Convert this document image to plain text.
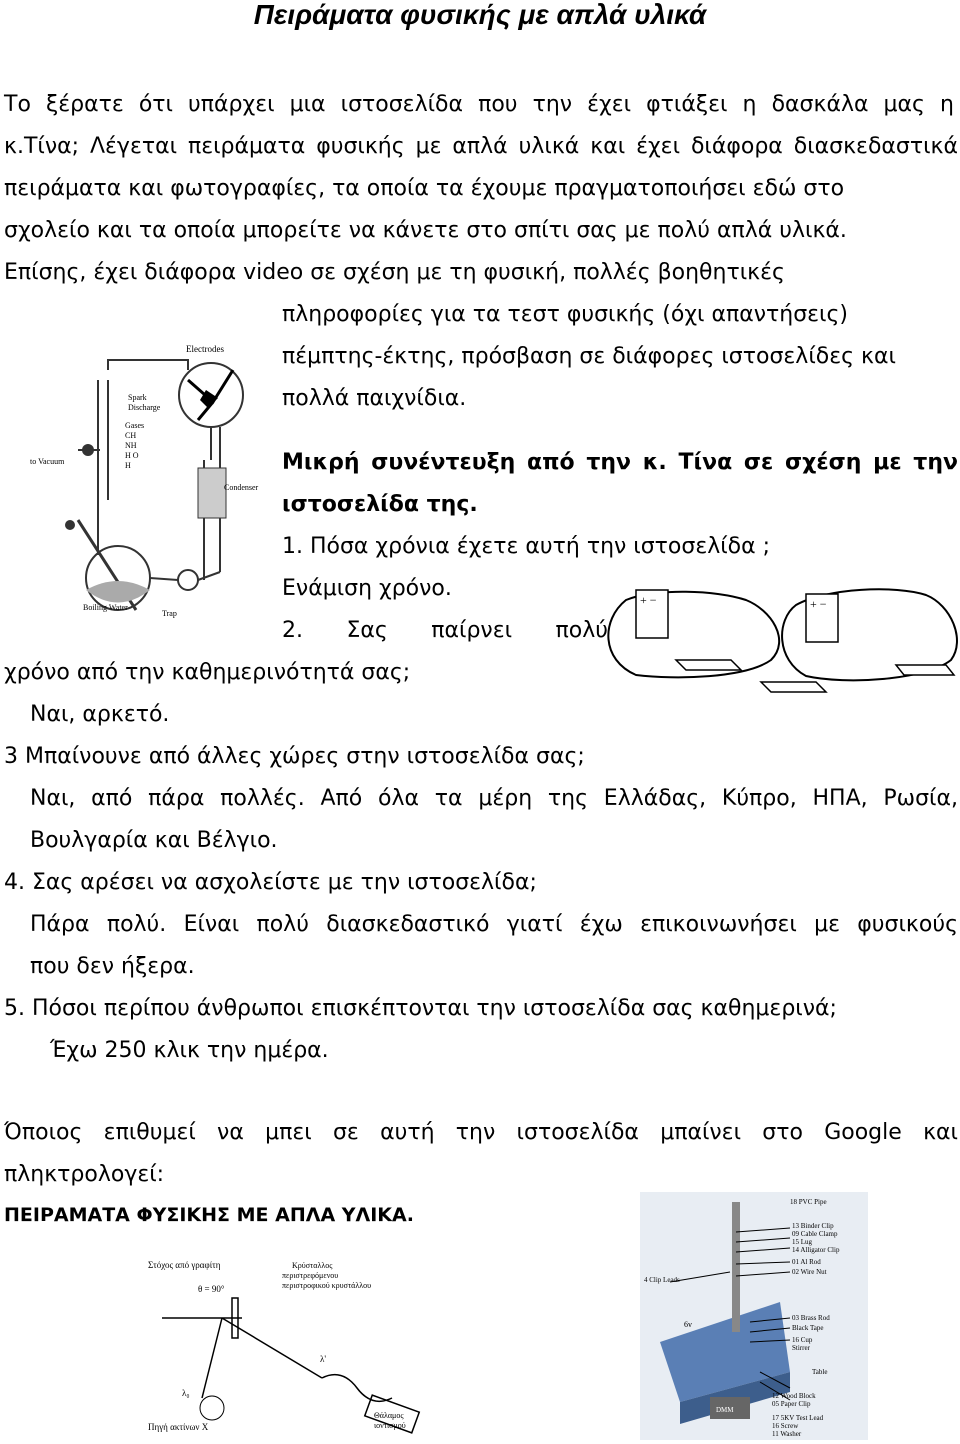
Πειράματα φυσικής με απλά υλικά
Το ξέρατε ότι υπάρχει μια ιστοσελίδα που την έχει φτιάξει η δασκάλα μας η
κ.Τίνα; Λέγεται πειράματα φυσικής με απλά υλικά και έχει διάφορα διασκεδαστικά
πειράματα και φωτογραφίες, τα οποία τα έχουμε πραγματοποιήσει εδώ στο
σχολείο και τα οποία μπορείτε να κάνετε στο σπίτι σας με πολύ απλά υλικά.
Επίσης, έχει διάφορα video σε σχέση με τη φυσική, πολλές βοηθητικές
πληροφορίες για τα τεστ φυσικής (όχι απαντήσεις)
πέμπτης-έκτης, πρόσβαση σε διάφορες ιστοσελίδες και
πολλά παιχνίδια.
Μικρή συνέντευξη από την κ. Τίνα σε σχέση με την
ιστοσελίδα της.
1. Πόσα χρόνια έχετε αυτή την ιστοσελίδα ;
Ενάμιση χρόνο.
2. Σας παίρνει πολύ
χρόνο από την καθημερινότητά σας;
Ναι, αρκετό.
3 Μπαίνουνε από άλλες χώρες στην ιστοσελίδα σας;
Ναι, από πάρα πολλές. Από όλα τα μέρη της Ελλάδας, Κύπρο, ΗΠΑ, Ρωσία,
Βουλγαρία και Βέλγιο.
4. Σας αρέσει να ασχολείστε με την ιστοσελίδα;
Πάρα πολύ. Είναι πολύ διασκεδαστικό γιατί έχω επικοινωνήσει με φυσικούς
που δεν ήξερα.
5. Πόσοι περίπου άνθρωποι επισκέπτονται την ιστοσελίδα σας καθημερινά;
Έχω 250 κλικ την ημέρα.
Όποιος επιθυμεί να μπει σε αυτή την ιστοσελίδα μπαίνει στο Google και
πληκτρολογεί:
ΠΕΙΡΑΜΑΤΑ ΦΥΣΙΚΗΣ ΜΕ ΑΠΛΑ ΥΛΙΚΑ.
Electrodes
Spark
Discharge
Gases
CH
NH
H O
H
to Vacuum
Condenser
Boiling Water
Trap
+ −	+ −
Στόχος από γραφίτη
θ = 90°
Κρύσταλλος
περιστρεφόμενου
περιστροφικού κρυστάλλου
λ'
λ₀
Πηγή ακτίνων Χ
Θάλαμος
ιοντισμού
18 PVC Pipe
13 Binder Clip
09 Cable Clamp
15 Lug
14 Alligator Clip
01 Al Rod
02 Wire Nut
4 Clip Leads
6v
03 Brass Rod
Black Tape
16 Cup
Stirrer
Table
DMM
12 Wood Block
05 Paper Clip
17 5KV Test Lead
16 Screw
11 Washer
